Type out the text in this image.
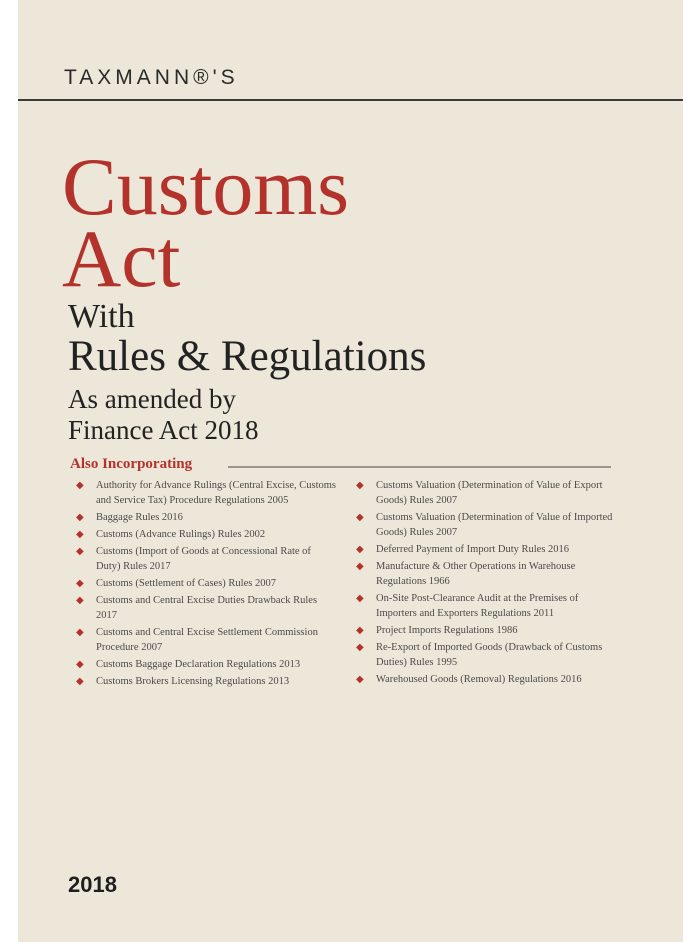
TAXMANN®'S
Customs
Act
With
Rules & Regulations
As amended by
Finance Act 2018
Also Incorporating
◆ Authority for Advance Rulings (Central Excise, Customs and Service Tax) Procedure Regulations 2005
◆ Baggage Rules 2016
◆ Customs (Advance Rulings) Rules 2002
◆ Customs (Import of Goods at Concessional Rate of Duty) Rules 2017
◆ Customs (Settlement of Cases) Rules 2007
◆ Customs and Central Excise Duties Drawback Rules 2017
◆ Customs and Central Excise Settlement Commission Procedure 2007
◆ Customs Baggage Declaration Regulations 2013
◆ Customs Brokers Licensing Regulations 2013
◆ Customs Valuation (Determination of Value of Export Goods) Rules 2007
◆ Customs Valuation (Determination of Value of Imported Goods) Rules 2007
◆ Deferred Payment of Import Duty Rules 2016
◆ Manufacture & Other Operations in Warehouse Regulations 1966
◆ On-Site Post-Clearance Audit at the Premises of Importers and Exporters Regulations 2011
◆ Project Imports Regulations 1986
◆ Re-Export of Imported Goods (Drawback of Customs Duties) Rules 1995
◆ Warehoused Goods (Removal) Regulations 2016
2018
